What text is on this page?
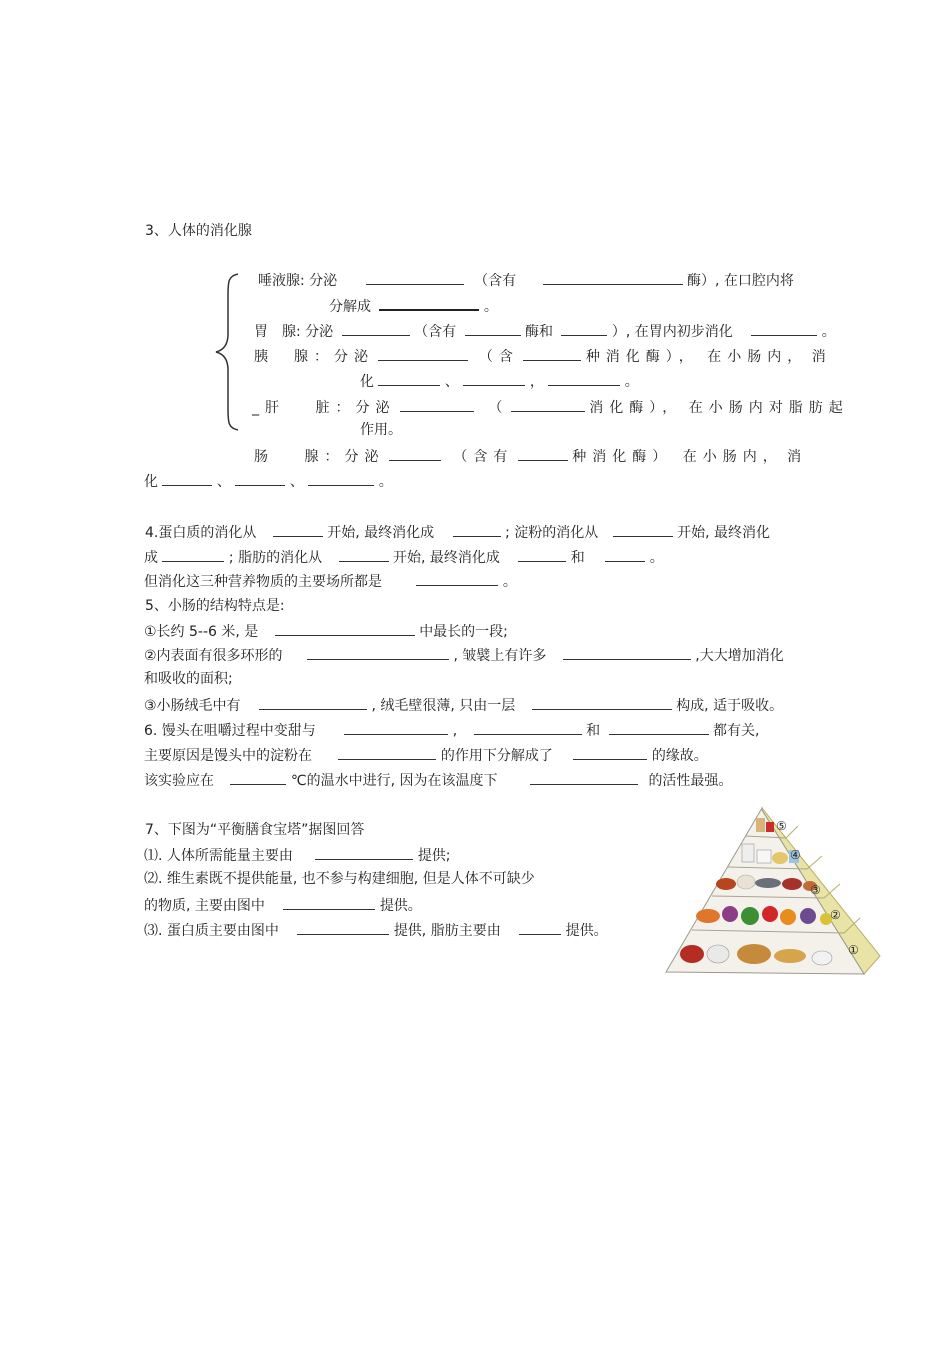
3、人体的消化腺
唾液腺: 分泌	（含有	酶）, 在口腔内将
分解成	。
胃　腺: 分泌	（含有	酶和	）, 在胃内初步消化	。
胰　腺：分泌	（含	种消化酶）， 在小肠内， 消
化	、	，	。
_肝　 脏：分泌	（	消化酶）， 在小肠内对脂肪起
作用。
肠　 腺：分泌	（含有	种消化酶） 在小肠内， 消
化	、	、	。
4.蛋白质的消化从	开始, 最终消化成	; 淀粉的消化从	开始, 最终消化
成	; 脂肪的消化从	开始, 最终消化成	和	。
但消化这三种营养物质的主要场所都是	。
5、小肠的结构特点是:
①长约 5--6 米, 是	中最长的一段;
②内表面有很多环形的	, 皱襞上有许多	,大大增加消化
和吸收的面积;
③小肠绒毛中有	, 绒毛壁很薄, 只由一层	构成, 适于吸收。
6. 馒头在咀嚼过程中变甜与	,	和	都有关,
主要原因是馒头中的淀粉在	的作用下分解成了	的缘故。
该实验应在	℃的温水中进行, 因为在该温度下	的活性最强。
7、下图为“平衡膳食宝塔”据图回答
⑴. 人体所需能量主要由	提供;
⑵. 维生素既不提供能量, 也不参与构建细胞, 但是人体不可缺少
的物质, 主要由图中	提供。
⑶. 蛋白质主要由图中	提供, 脂肪主要由	提供。
⑤
④
③
②
①
